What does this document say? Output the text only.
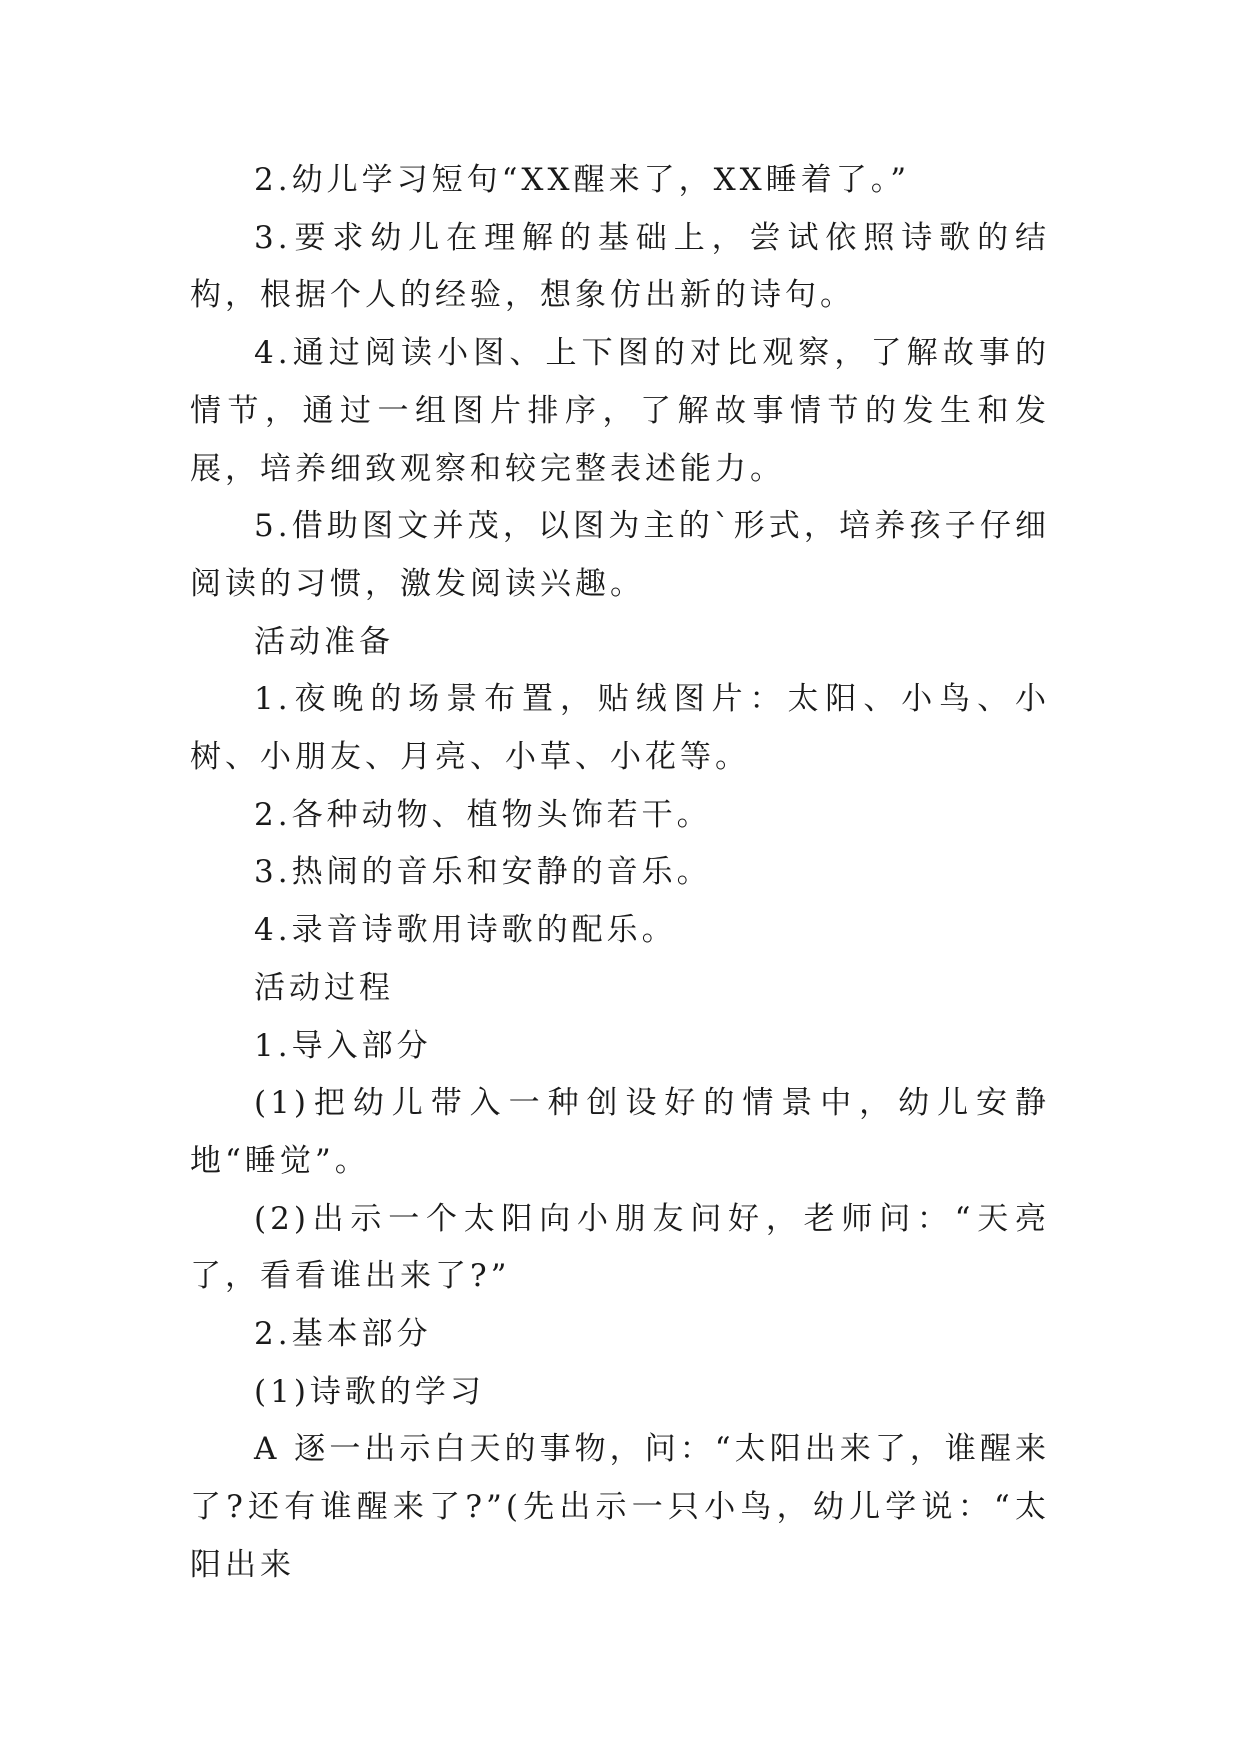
2.幼儿学习短句“XX醒来了，XX睡着了。”

3.要求幼儿在理解的基础上，尝试依照诗歌的结构，根据个人的经验，想象仿出新的诗句。

4.通过阅读小图、上下图的对比观察，了解故事的情节，通过一组图片排序，了解故事情节的发生和发展，培养细致观察和较完整表述能力。

5.借助图文并茂，以图为主的`形式，培养孩子仔细阅读的习惯，激发阅读兴趣。

活动准备

1.夜晚的场景布置，贴绒图片：太阳、小鸟、小树、小朋友、月亮、小草、小花等。

2.各种动物、植物头饰若干。

3.热闹的音乐和安静的音乐。

4.录音诗歌用诗歌的配乐。

活动过程

1.导入部分

(1)把幼儿带入一种创设好的情景中，幼儿安静地“睡觉”。

(2)出示一个太阳向小朋友问好，老师问：“天亮了，看看谁出来了?”

2.基本部分

(1)诗歌的学习

A 逐一出示白天的事物，问：“太阳出来了，谁醒来了?还有谁醒来了?”(先出示一只小鸟，幼儿学说：“太阳出来
